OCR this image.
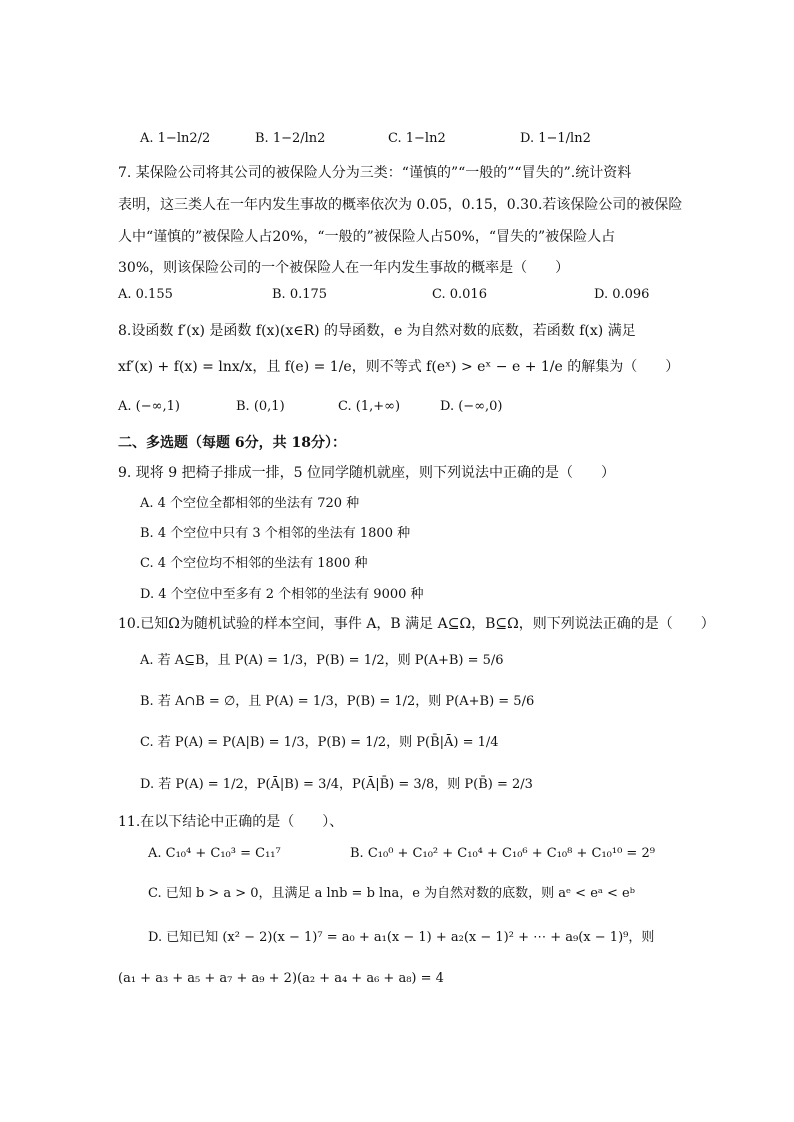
A. 1−ln2/2	B. 1−2/ln2	C. 1−ln2	D. 1−1/ln2
7. 某保险公司将其公司的被保险人分为三类：“谨慎的”“一般的”“冒失的”.统计资料
表明，这三类人在一年内发生事故的概率依次为 0.05，0.15，0.30.若该保险公司的被保险
人中“谨慎的”被保险人占20%，“一般的”被保险人占50%，“冒失的”被保险人占
30%，则该保险公司的一个被保险人在一年内发生事故的概率是（　　）
A. 0.155	B. 0.175	C. 0.016	D. 0.096
8.设函数 f′(x) 是函数 f(x)(x∈R) 的导函数，e 为自然对数的底数，若函数 f(x) 满足
xf′(x) + f(x) = lnx/x，且 f(e) = 1/e，则不等式 f(eˣ) > eˣ − e + 1/e 的解集为（　　）
A. (−∞,1)	B. (0,1)	C. (1,+∞)	D. (−∞,0)
二、多选题（每题 6分，共 18分）：
9. 现将 9 把椅子排成一排，5 位同学随机就座，则下列说法中正确的是（　　）
A. 4 个空位全都相邻的坐法有 720 种
B. 4 个空位中只有 3 个相邻的坐法有 1800 种
C. 4 个空位均不相邻的坐法有 1800 种
D. 4 个空位中至多有 2 个相邻的坐法有 9000 种
10.已知Ω为随机试验的样本空间，事件 A，B 满足 A⊆Ω，B⊆Ω，则下列说法正确的是（　　）
A. 若 A⊆B，且 P(A) = 1/3，P(B) = 1/2，则 P(A+B) = 5/6
B. 若 A∩B = ∅，且 P(A) = 1/3，P(B) = 1/2，则 P(A+B) = 5/6
C. 若 P(A) = P(A|B) = 1/3，P(B) = 1/2，则 P(B̄|Ā) = 1/4
D. 若 P(A) = 1/2，P(Ā|B) = 3/4，P(Ā|B̄) = 3/8，则 P(B̄) = 2/3
11.在以下结论中正确的是（　　）、
A. C₁₀⁴ + C₁₀³ = C₁₁⁷	B. C₁₀⁰ + C₁₀² + C₁₀⁴ + C₁₀⁶ + C₁₀⁸ + C₁₀¹⁰ = 2⁹
C. 已知 b > a > 0，且满足 a lnb = b lna，e 为自然对数的底数，则 aᵉ < eᵃ < eᵇ
D. 已知已知 (x² − 2)(x − 1)⁷ = a₀ + a₁(x − 1) + a₂(x − 1)² + ⋯ + a₉(x − 1)⁹，则
(a₁ + a₃ + a₅ + a₇ + a₉ + 2)(a₂ + a₄ + a₆ + a₈) = 4
